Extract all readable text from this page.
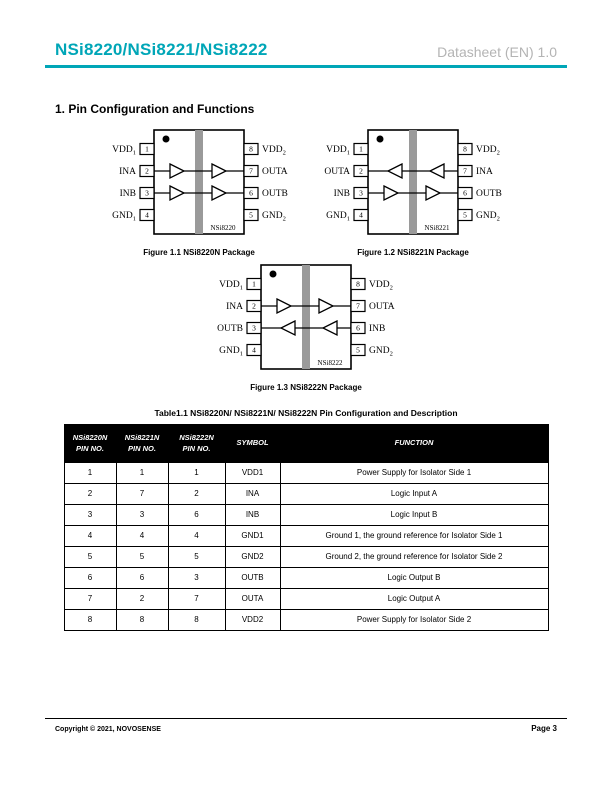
NSi8220/NSi8221/NSi8222	Datasheet (EN) 1.0
1. Pin Configuration and Functions
1
$VDD_1$
2
INA
3
INB
4
$GND_1$
8 $VDD_2$
7 OUTA
6 OUTB
5 $GND_2$
NSi8220
Figure 1.1 NSi8220N Package
1
$VDD_1$
2
OUTA
3
INB
4
$GND_1$
8 $VDD_2$
7 INA
6 OUTB
5 $GND_2$
NSi8221
Figure 1.2 NSi8221N Package
1
$VDD_1$
2
INA
3
OUTB
4
$GND_1$
8 $VDD_2$
7 OUTA
6 INB
5 $GND_2$
NSi8222
Figure 1.3 NSi8222N Package
Table1.1 NSi8220N/ NSi8221N/ NSi8222N Pin Configuration and Description
NSi8220N
PIN NO.	NSi8221N
PIN NO.	NSi8222N
PIN NO.	SYMBOL	FUNCTION
1	1	1	VDD1	Power Supply for Isolator Side 1
2	7	2	INA	Logic Input A
3	3	6	INB	Logic Input B
4	4	4	GND1	Ground 1, the ground reference for Isolator Side 1
5	5	5	GND2	Ground 2, the ground reference for Isolator Side 2
6	6	3	OUTB	Logic Output B
7	2	7	OUTA	Logic Output A
8	8	8	VDD2	Power Supply for Isolator Side 2
Copyright © 2021, NOVOSENSE	Page 3
